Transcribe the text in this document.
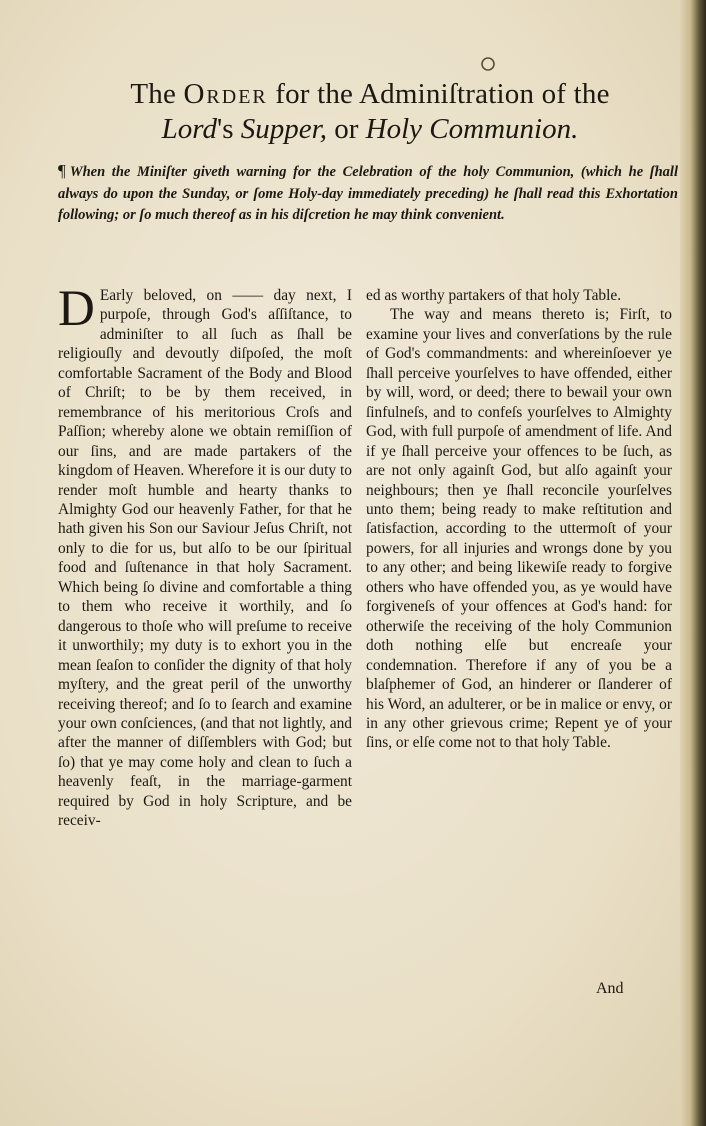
The Order for the Adminiſtration of the
Lord's Supper, or Holy Communion.
¶ When the Miniſter giveth warning for the Celebration of the holy Communion, (which he ſhall always do upon the Sunday, or ſome Holy-day immediately preceding) he ſhall read this Exhortation following; or ſo much thereof as in his diſcretion he may think convenient.

D Early beloved, on —— day next, I purpoſe, through God's aſſiſtance, to adminiſter to all ſuch as ſhall be religiouſly and devoutly diſpoſed, the moſt comfortable Sacrament of the Body and Blood of Chriſt; to be by them received, in remembrance of his meritorious Croſs and Paſſion; whereby alone we obtain remiſſion of our ſins, and are made partakers of the kingdom of Heaven. Wherefore it is our duty to render moſt humble and hearty thanks to Almighty God our heavenly Father, for that he hath given his Son our Saviour Jeſus Chriſt, not only to die for us, but alſo to be our ſpiritual food and ſuſtenance in that holy Sacrament. Which being ſo divine and comfortable a thing to them who receive it worthily, and ſo dangerous to thoſe who will preſume to receive it unworthily; my duty is to exhort you in the mean ſeaſon to conſider the dignity of that holy myſtery, and the great peril of the unworthy receiving thereof; and ſo to ſearch and examine your own conſciences, (and that not lightly, and after the manner of diſſemblers with God; but ſo) that ye may come holy and clean to ſuch a heavenly feaſt, in the marriage-garment required by God in holy Scripture, and be receiv-

ed as worthy partakers of that holy Table.

The way and means thereto is; Firſt, to examine your lives and converſations by the rule of God's commandments: and whereinſoever ye ſhall perceive yourſelves to have offended, either by will, word, or deed; there to bewail your own ſinfulneſs, and to confeſs yourſelves to Almighty God, with full purpoſe of amendment of life. And if ye ſhall perceive your offences to be ſuch, as are not only againſt God, but alſo againſt your neighbours; then ye ſhall reconcile yourſelves unto them; being ready to make reſtitution and ſatisfaction, according to the uttermoſt of your powers, for all injuries and wrongs done by you to any other; and being likewiſe ready to forgive others who have offended you, as ye would have forgiveneſs of your offences at God's hand: for otherwiſe the receiving of the holy Communion doth nothing elſe but encreaſe your condemnation. Therefore if any of you be a blaſphemer of God, an hinderer or ſlanderer of his Word, an adulterer, or be in malice or envy, or in any other grievous crime; Repent ye of your ſins, or elſe come not to that holy Table.

And
